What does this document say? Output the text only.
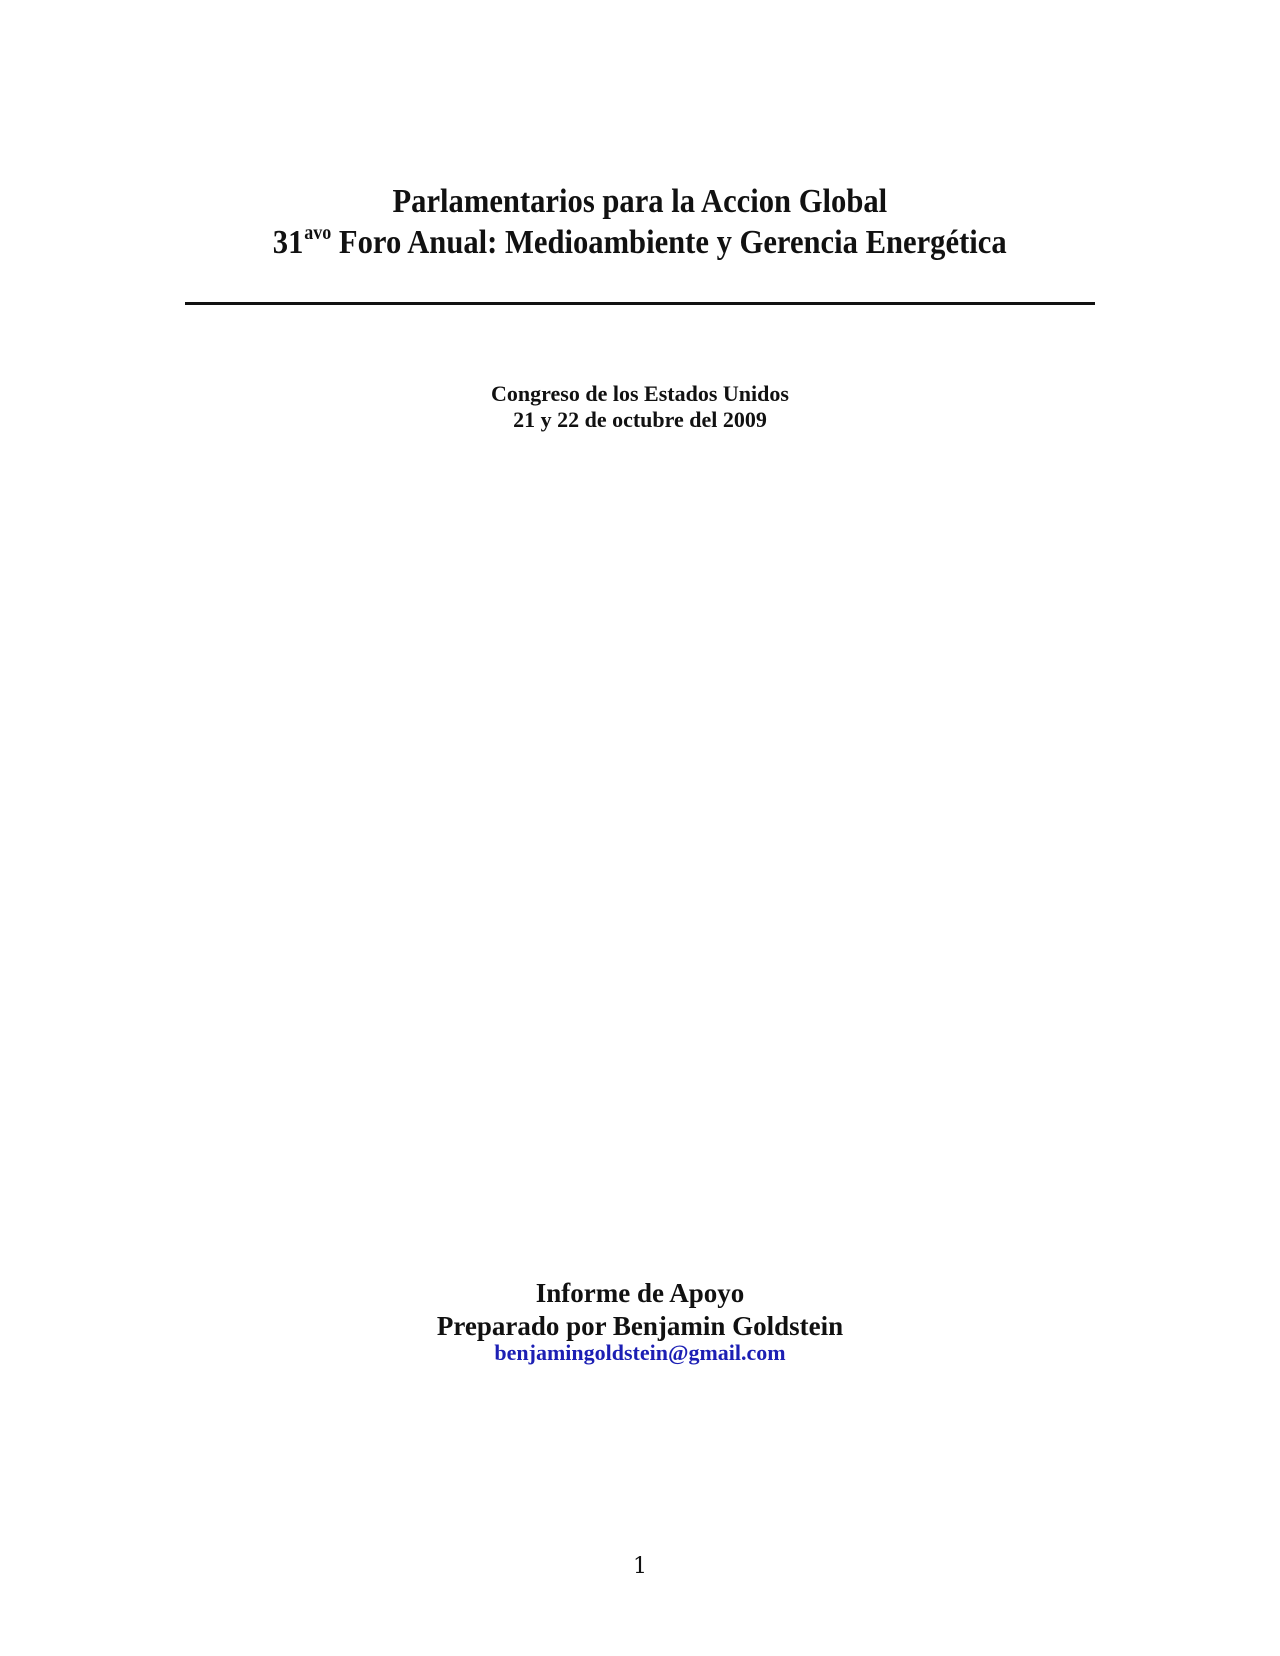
Parlamentarios para la Accion Global
$31^{avo}$ Foro Anual: Medioambiente y Gerencia Energética
Congreso de los Estados Unidos
21 y 22 de octubre del 2009
Informe de Apoyo
Preparado por Benjamin Goldstein
benjamingoldstein@gmail.com
1
